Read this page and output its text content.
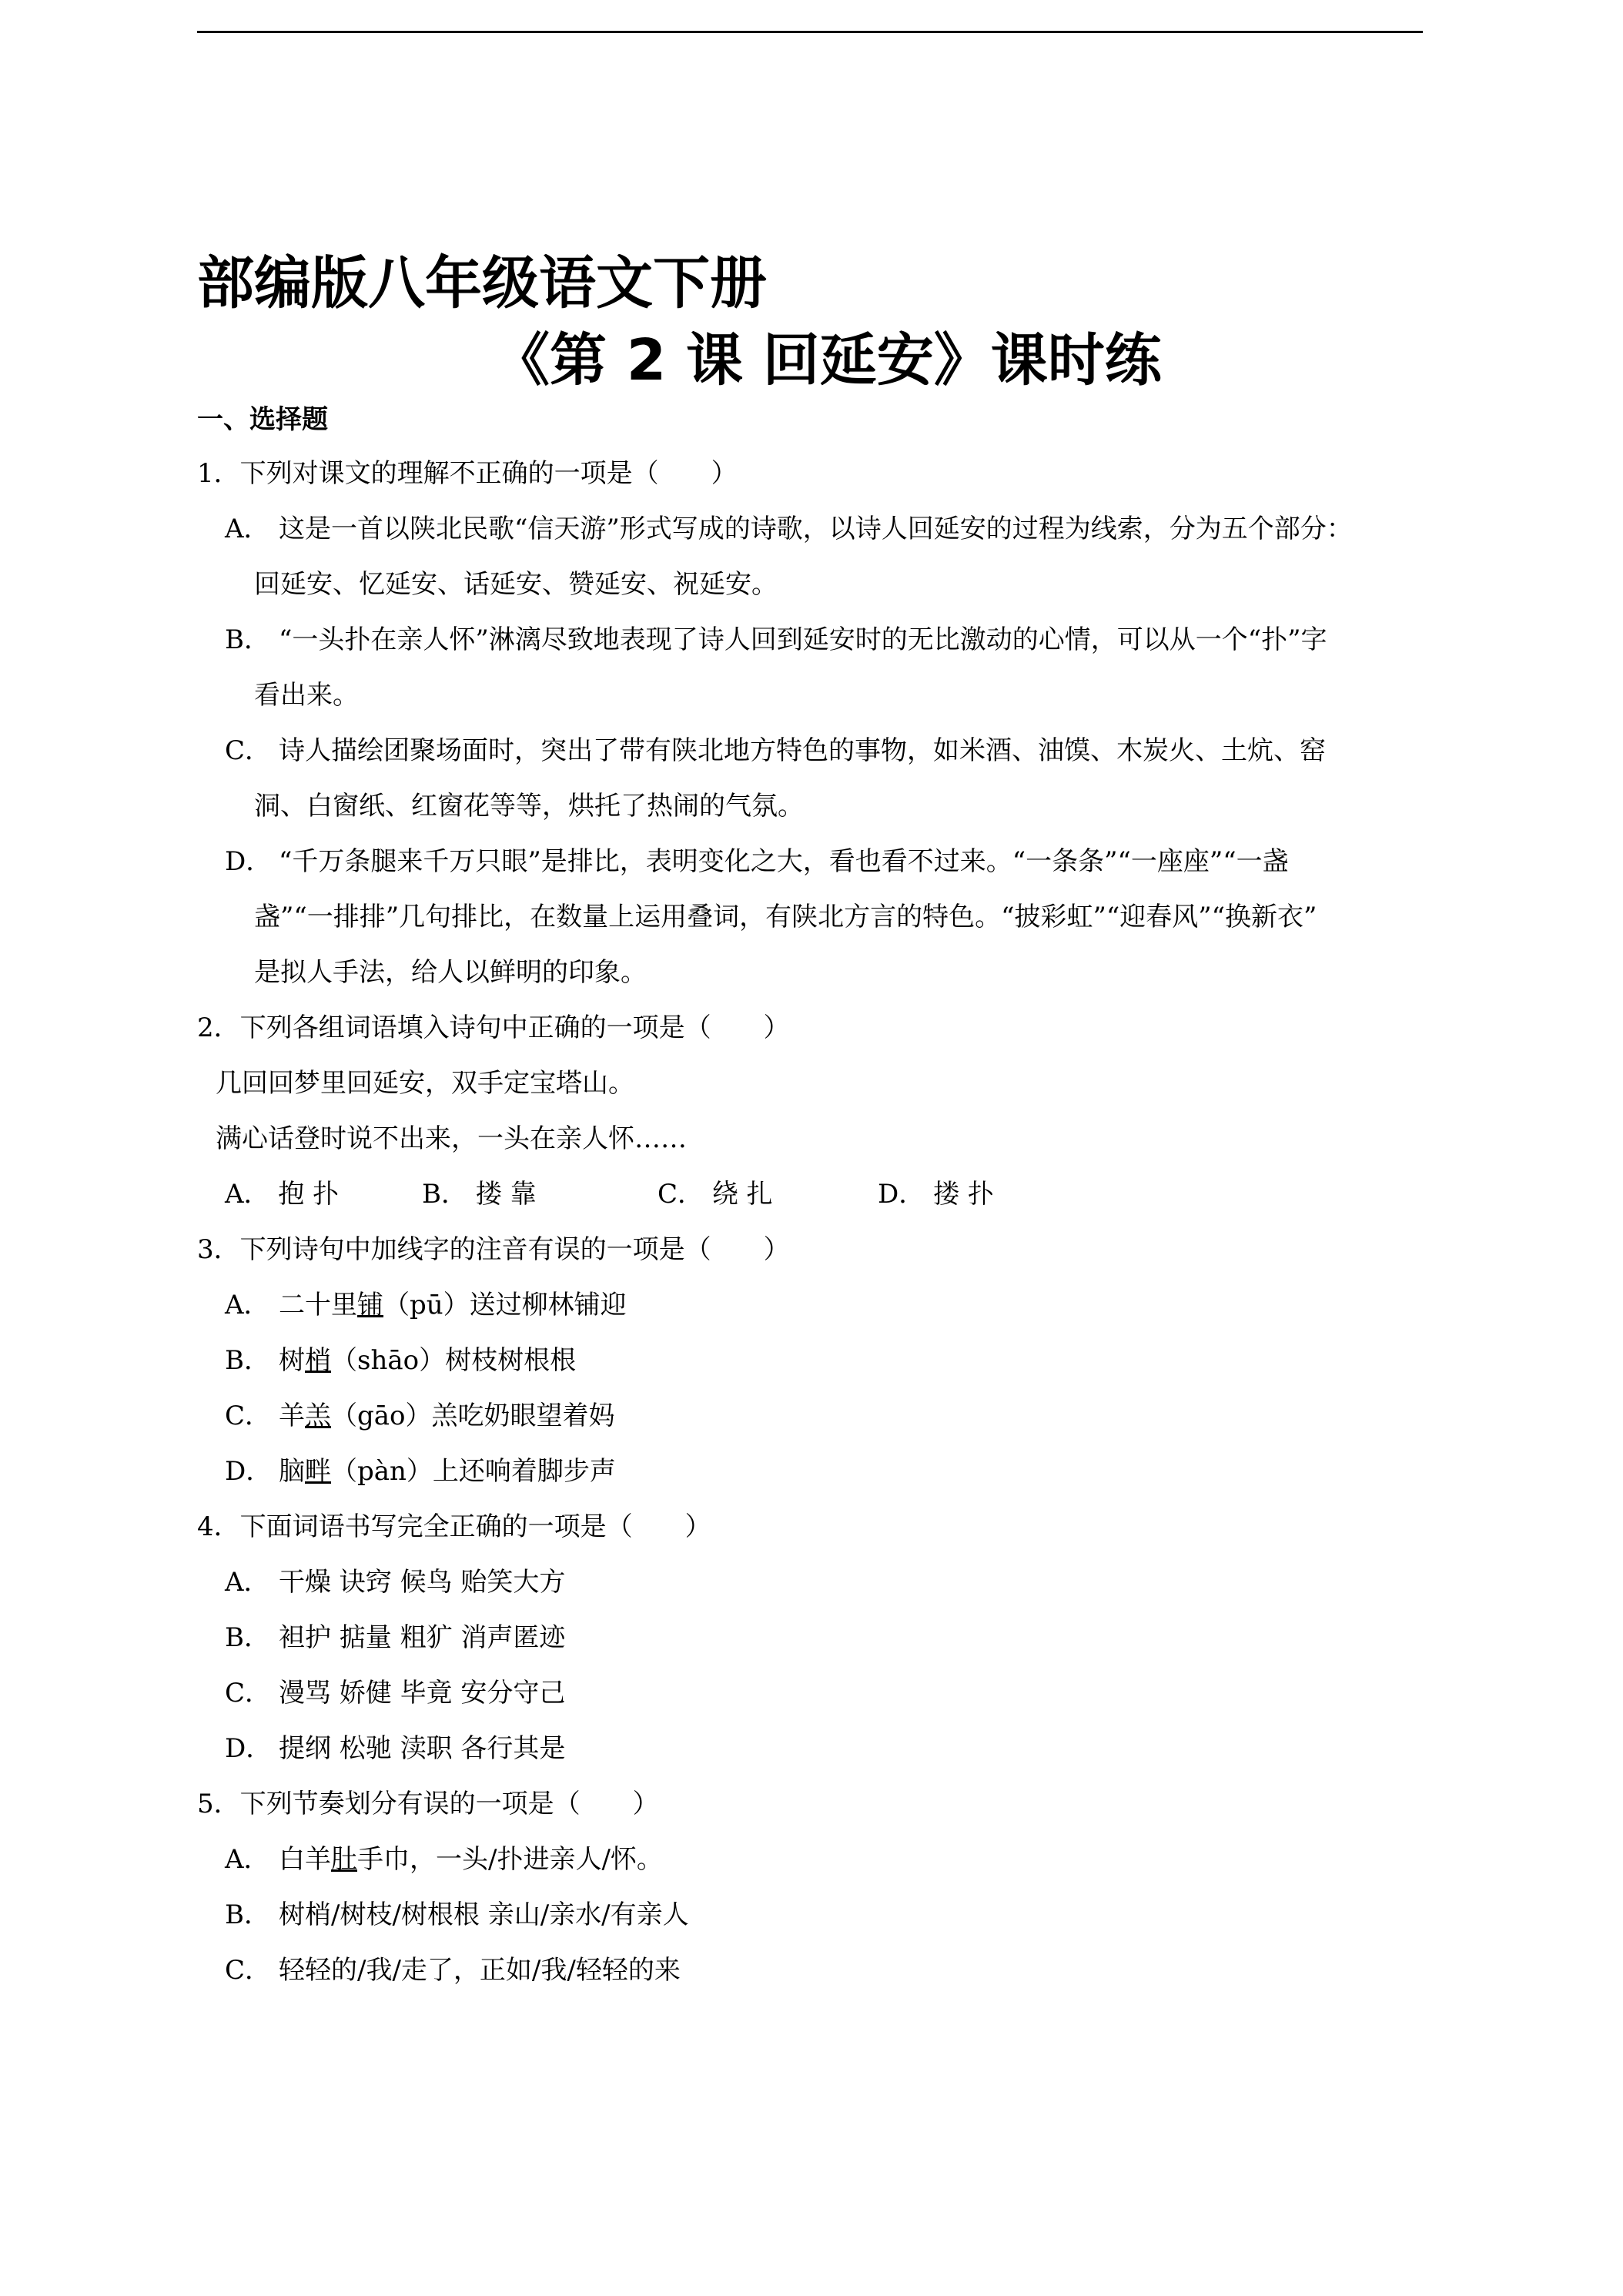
部编版八年级语文下册
《第 2 课 回延安》课时练
一、选择题
1．下列对课文的理解不正确的一项是（　　）
A． 这是一首以陕北民歌“信天游”形式写成的诗歌，以诗人回延安的过程为线索，分为五个部分：
回延安、忆延安、话延安、赞延安、祝延安。
B． “一头扑在亲人怀”淋漓尽致地表现了诗人回到延安时的无比激动的心情，可以从一个“扑”字
看出来。
C． 诗人描绘团聚场面时，突出了带有陕北地方特色的事物，如米酒、油馍、木炭火、土炕、窑
洞、白窗纸、红窗花等等，烘托了热闹的气氛。
D． “千万条腿来千万只眼”是排比，表明变化之大，看也看不过来。“一条条”“一座座”“一盏
盏”“一排排”几句排比，在数量上运用叠词，有陕北方言的特色。“披彩虹”“迎春风”“换新衣”
是拟人手法，给人以鲜明的印象。
2．下列各组词语填入诗句中正确的一项是（　　）
几回回梦里回延安，双手定宝塔山。
满心话登时说不出来，一头在亲人怀……
A． 抱 扑	B． 搂 靠	C． 绕 扎	D． 搂 扑
3．下列诗句中加线字的注音有误的一项是（　　）
A． 二十里铺（pū）送过柳林铺迎
B． 树梢（shāo）树枝树根根
C． 羊羔（gāo）羔吃奶眼望着妈
D． 脑畔（pàn）上还响着脚步声
4．下面词语书写完全正确的一项是（　　）
A． 干燥 诀窍 候鸟 贻笑大方
B． 袒护 掂量 粗犷 消声匿迹
C． 漫骂 娇健 毕竟 安分守己
D． 提纲 松驰 渎职 各行其是
5．下列节奏划分有误的一项是（　　）
A． 白羊肚手巾，一头/扑进亲人/怀。
B． 树梢/树枝/树根根 亲山/亲水/有亲人
C． 轻轻的/我/走了，正如/我/轻轻的来
